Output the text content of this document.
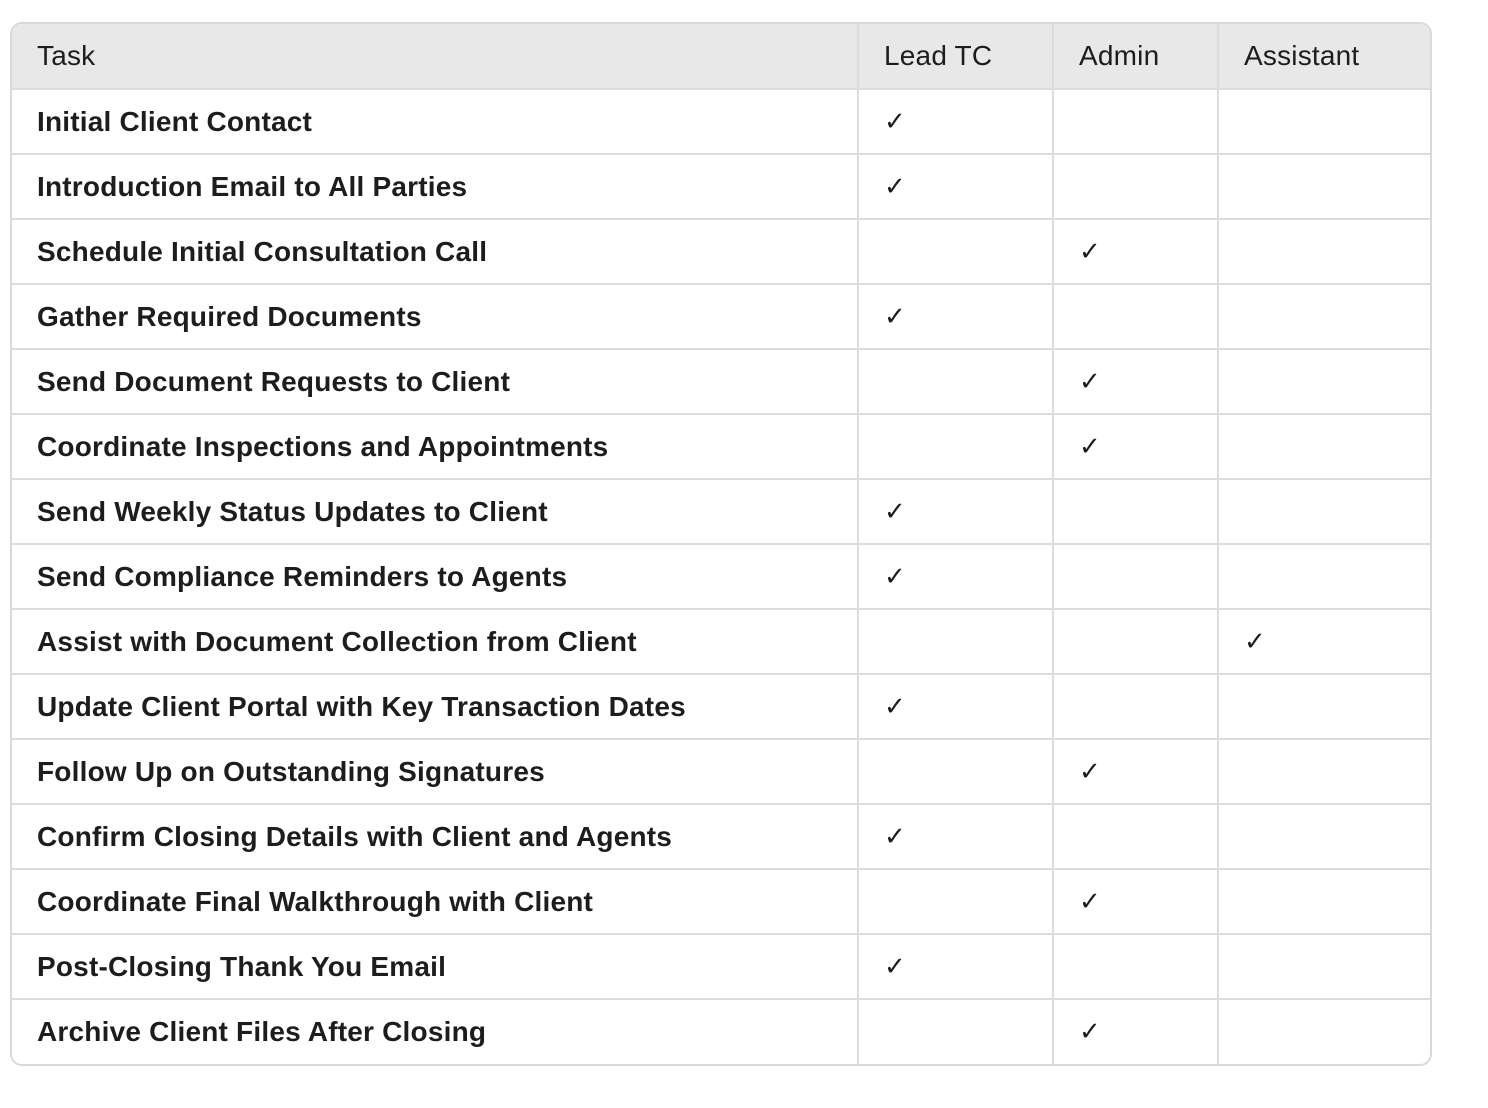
Task	Lead TC	Admin	Assistant
Initial Client Contact	✓		
Introduction Email to All Parties	✓		
Schedule Initial Consultation Call		✓	
Gather Required Documents	✓		
Send Document Requests to Client		✓	
Coordinate Inspections and Appointments		✓	
Send Weekly Status Updates to Client	✓		
Send Compliance Reminders to Agents	✓		
Assist with Document Collection from Client			✓
Update Client Portal with Key Transaction Dates	✓		
Follow Up on Outstanding Signatures		✓	
Confirm Closing Details with Client and Agents	✓		
Coordinate Final Walkthrough with Client		✓	
Post-Closing Thank You Email	✓		
Archive Client Files After Closing		✓	
